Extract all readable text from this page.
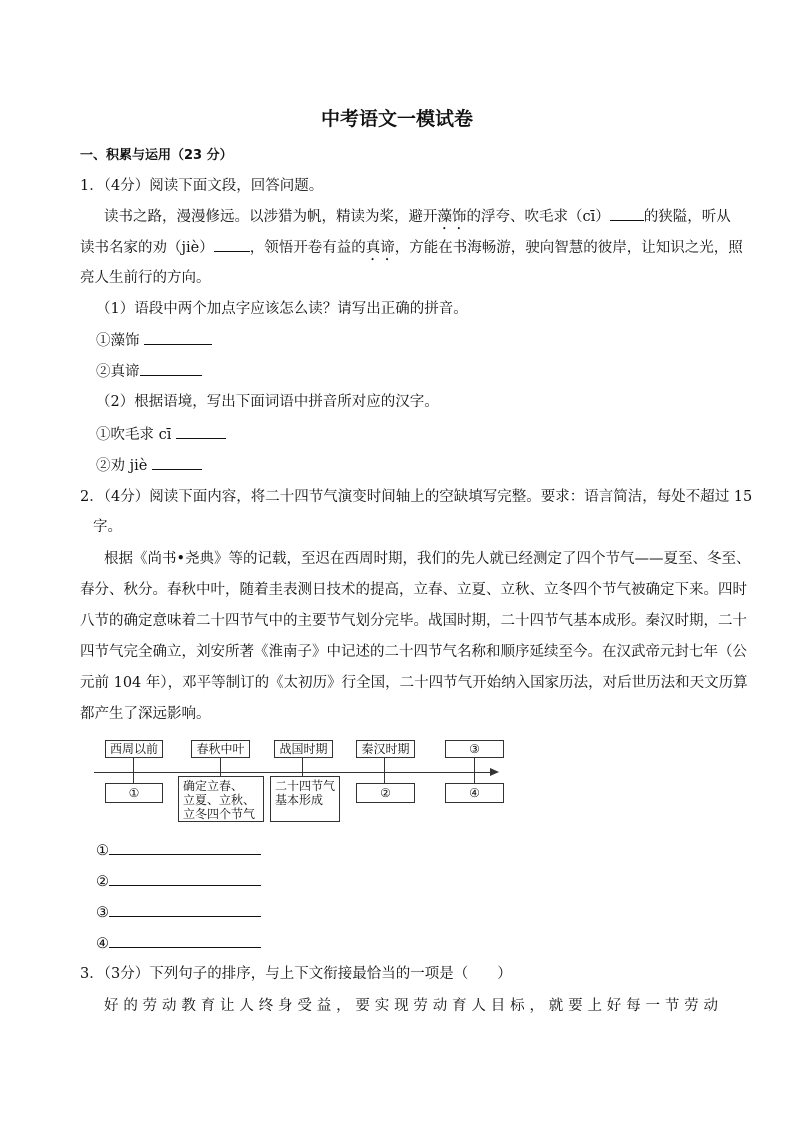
中考语文一模试卷
一、积累与运用（23 分）
1．（4分）阅读下面文段，回答问题。
读书之路，漫漫修远。以涉猎为帆，精读为桨，避开藻饰的浮夸、吹毛求（cī） 的狭隘，听从
读书名家的劝（jiè） ，领悟开卷有益的真谛，方能在书海畅游，驶向智慧的彼岸，让知识之光，照
亮人生前行的方向。
（1）语段中两个加点字应该怎么读？请写出正确的拼音。
①藻饰
②真谛
（2）根据语境，写出下面词语中拼音所对应的汉字。
①吹毛求 cī
②劝 jiè
2．（4分）阅读下面内容，将二十四节气演变时间轴上的空缺填写完整。要求：语言简洁，每处不超过 15
字。
根据《尚书•尧典》等的记载，至迟在西周时期，我们的先人就已经测定了四个节气——夏至、冬至、
春分、秋分。春秋中叶，随着圭表测日技术的提高，立春、立夏、立秋、立冬四个节气被确定下来。四时
八节的确定意味着二十四节气中的主要节气划分完毕。战国时期，二十四节气基本成形。秦汉时期，二十
四节气完全确立，刘安所著《淮南子》中记述的二十四节气名称和顺序延续至今。在汉武帝元封七年（公
元前 104 年），邓平等制订的《太初历》行全国，二十四节气开始纳入国家历法，对后世历法和天文历算
都产生了深远影响。
西周以前	春秋中叶	战国时期	秦汉时期	③
①	确定立春、
立夏、立秋、
立冬四个节气
二十四节气
基本形成	②	④
①
②
③
④
3．（3分）下列句子的排序，与上下文衔接最恰当的一项是（　　）
好的劳动教育让人终身受益，要实现劳动育人目标，就要上好每一节劳动
